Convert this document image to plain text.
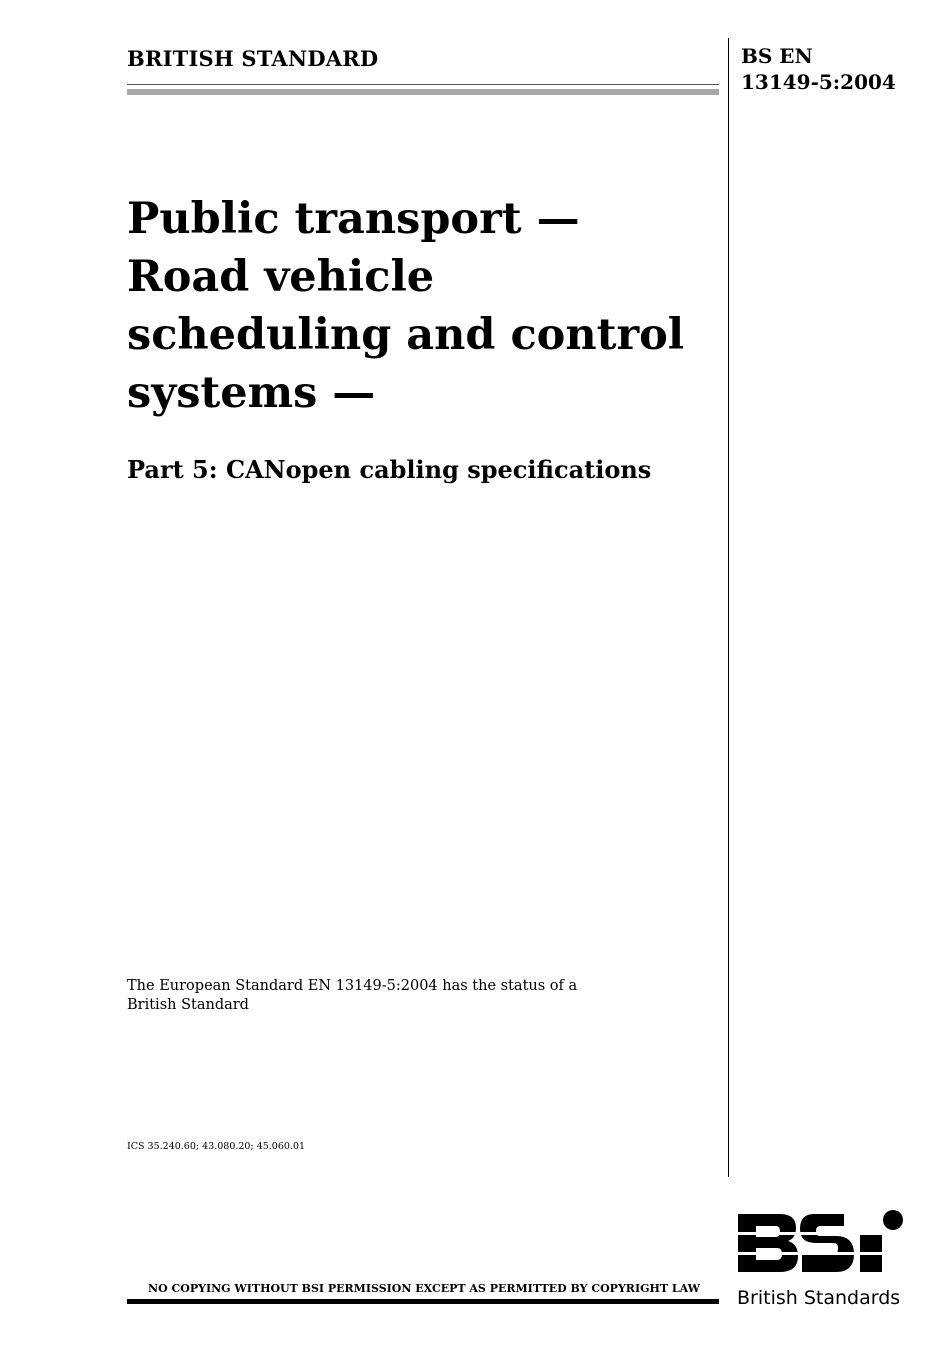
BRITISH STANDARD	BS EN
13149-5:2004
Public transport —
Road vehicle
scheduling and control
systems —
Part 5: CANopen cabling specifications
The European Standard EN 13149-5:2004 has the status of a
British Standard
ICS 35.240.60; 43.080.20; 45.060.01
NO COPYING WITHOUT BSI PERMISSION EXCEPT AS PERMITTED BY COPYRIGHT LAW	British Standards
